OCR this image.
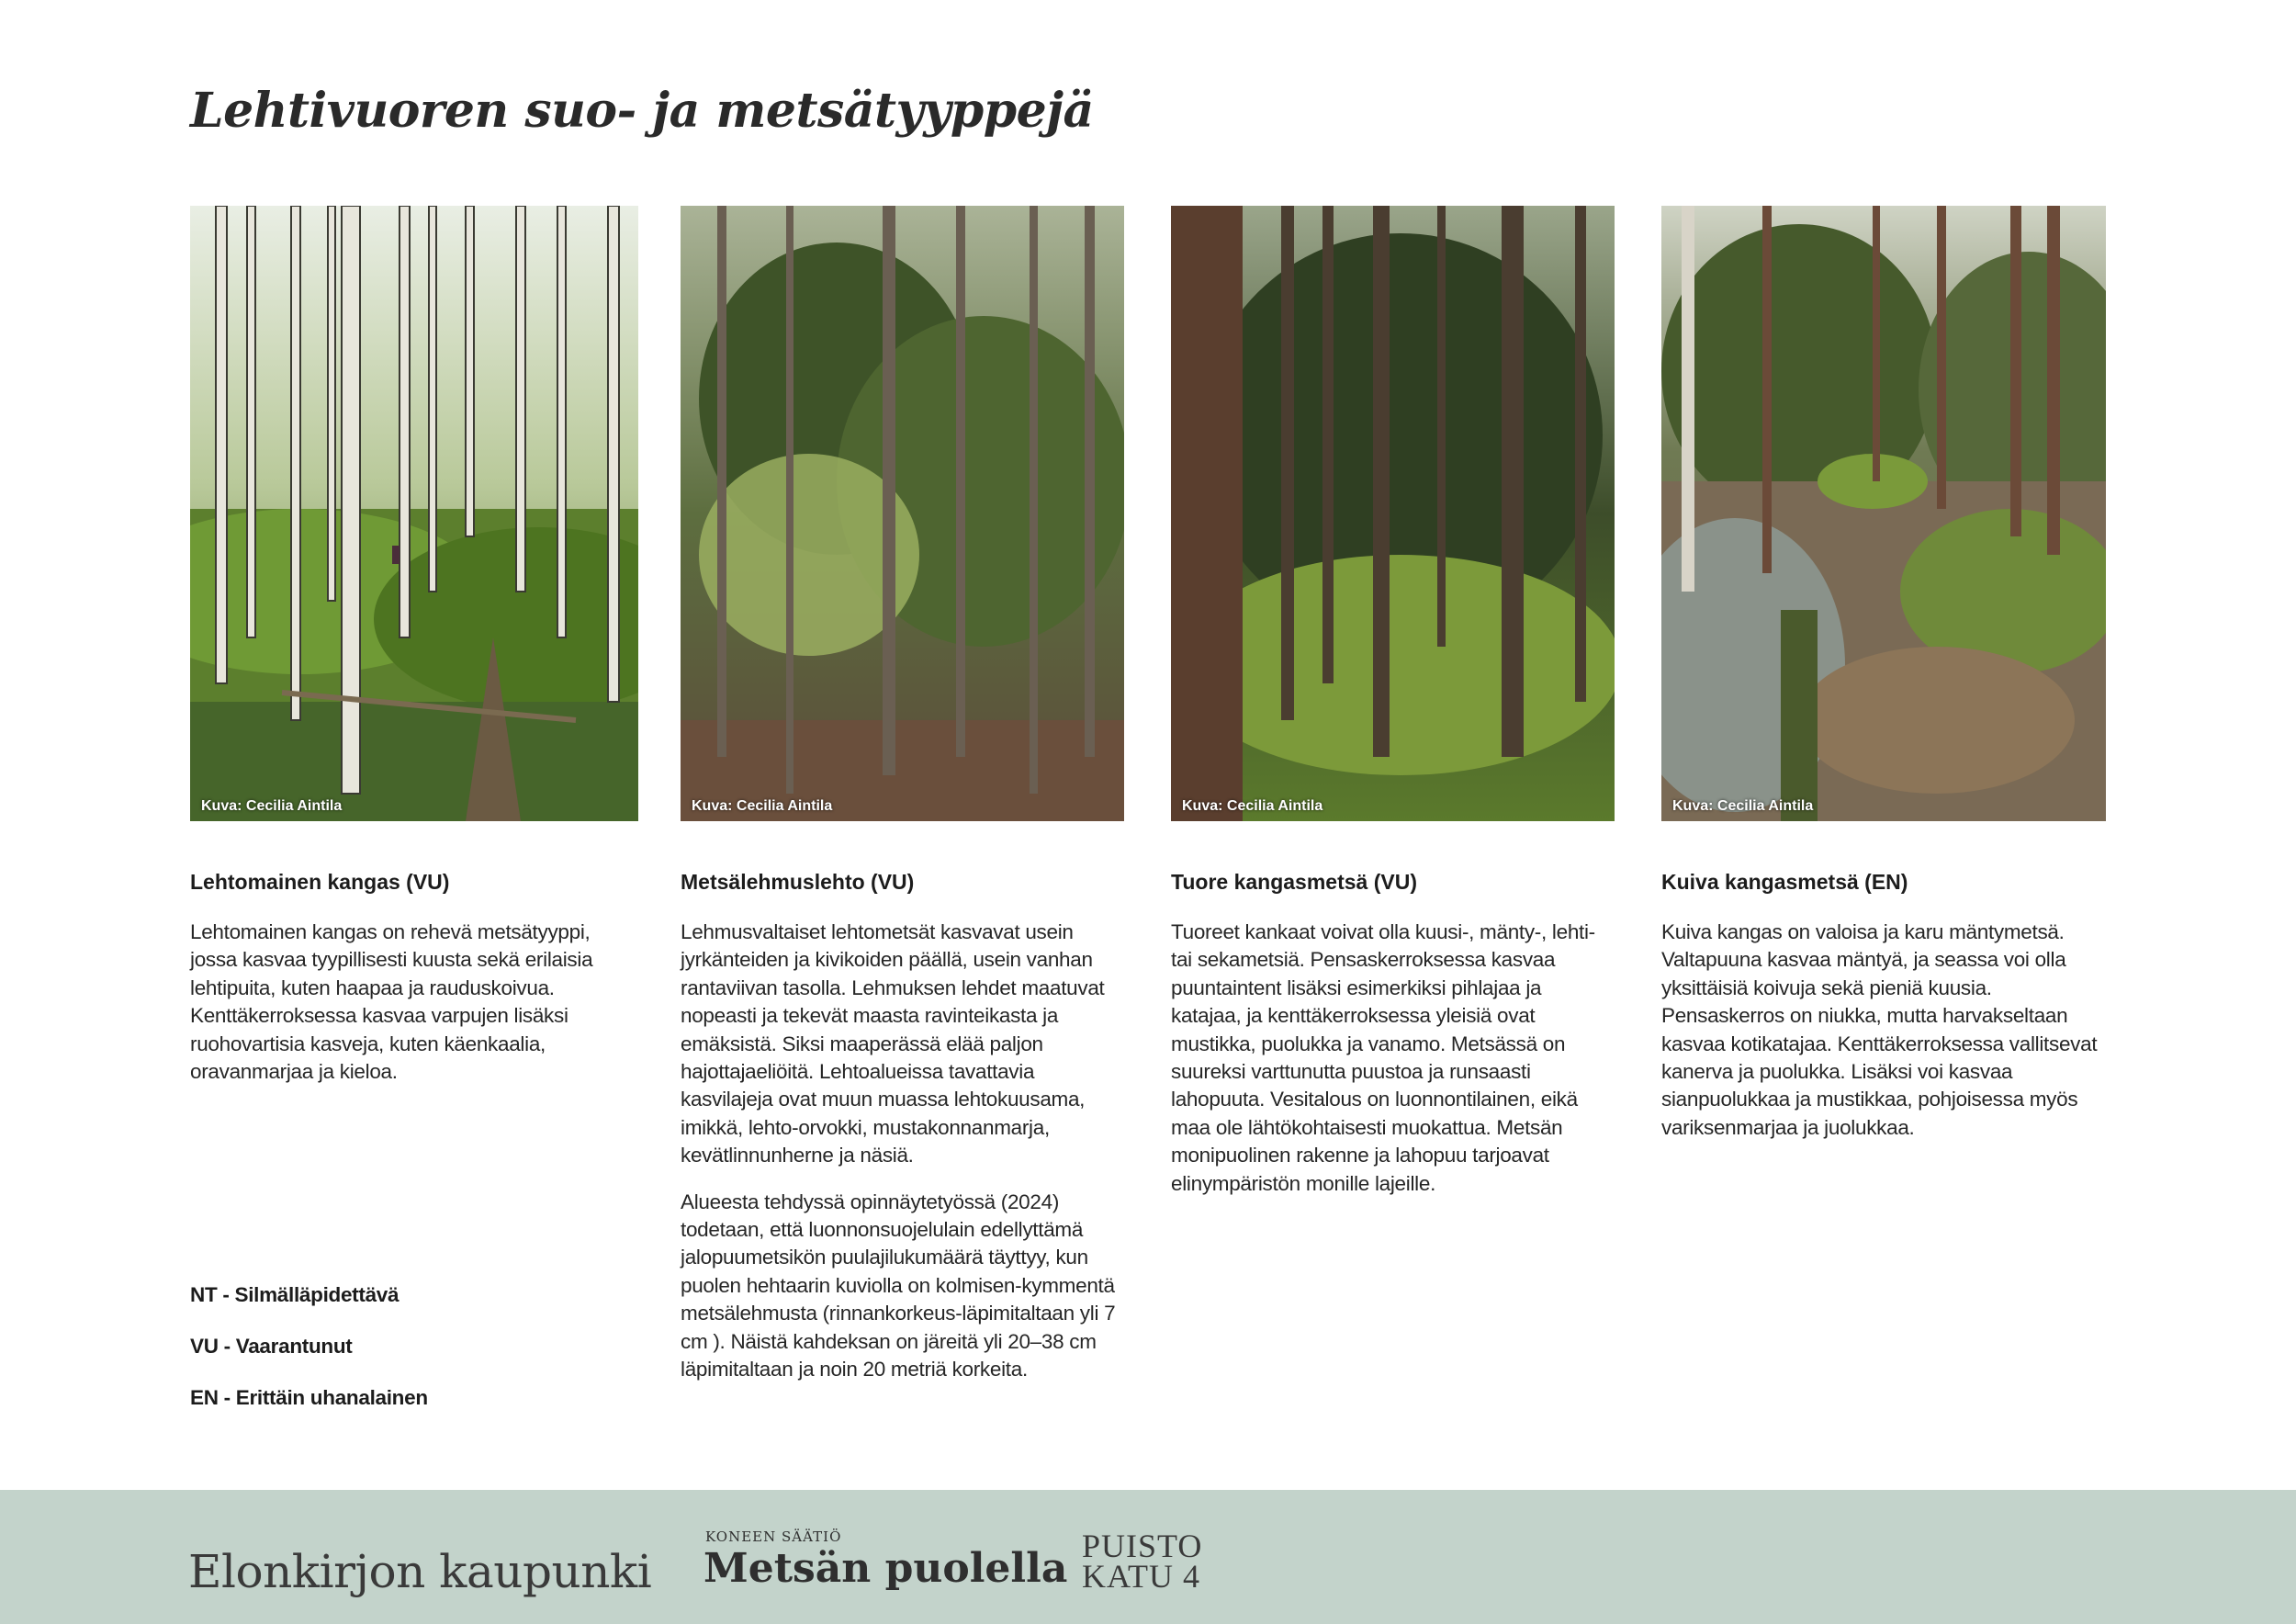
Lehtivuoren suo- ja metsätyyppejä
Kuva: Cecilia Aintila
Lehtomainen kangas (VU)

Lehtomainen kangas on rehevä metsätyyppi, jossa kasvaa tyypillisesti kuusta sekä erilaisia lehtipuita, kuten haapaa ja rauduskoivua. Kenttäkerroksessa kasvaa varpujen lisäksi ruohovartisia kasveja, kuten käenkaalia, oravanmarjaa ja kieloa.

Kuva: Cecilia Aintila
Metsälehmuslehto (VU)

Lehmusvaltaiset lehtometsät kasvavat usein jyrkänteiden ja kivikoiden päällä, usein vanhan rantaviivan tasolla. Lehmuksen lehdet maatuvat nopeasti ja tekevät maasta ravinteikasta ja emäksistä. Siksi maaperässä elää paljon hajottajaeliöitä. Lehtoalueissa tavattavia kasvilajeja ovat muun muassa lehtokuusama, imikkä, lehto-orvokki, mustakonnanmarja, kevätlinnunherne ja näsiä.

Alueesta tehdyssä opinnäytetyössä (2024) todetaan, että luonnonsuojelulain edellyttämä jalopuumetsikön puulajilukumäärä täyttyy, kun puolen hehtaarin kuviolla on kolmisen-kymmentä metsälehmusta (rinnankorkeus-läpimitaltaan yli 7 cm ). Näistä kahdeksan on järeitä yli 20–38 cm läpimitaltaan ja noin 20 metriä korkeita.

Kuva: Cecilia Aintila
Tuore kangasmetsä (VU)

Tuoreet kankaat voivat olla kuusi-, mänty-, lehti- tai sekametsiä. Pensaskerroksessa kasvaa puuntaintent lisäksi esimerkiksi pihlajaa ja katajaa, ja kenttäkerroksessa yleisiä ovat mustikka, puolukka ja vanamo. Metsässä on suureksi varttunutta puustoa ja runsaasti lahopuuta. Vesitalous on luonnontilainen, eikä maa ole lähtökohtaisesti muokattua. Metsän monipuolinen rakenne ja lahopuu tarjoavat elinympäristön monille lajeille.

Kuva: Cecilia Aintila
Kuiva kangasmetsä (EN)

Kuiva kangas on valoisa ja karu mäntymetsä. Valtapuuna kasvaa mäntyä, ja seassa voi olla yksittäisiä koivuja sekä pieniä kuusia. Pensaskerros on niukka, mutta harvakseltaan kasvaa kotikatajaa. Kenttäkerroksessa vallitsevat kanerva ja puolukka. Lisäksi voi kasvaa sianpuolukkaa ja mustikkaa, pohjoisessa myös variksenmarjaa ja juolukkaa.

NT - Silmälläpidettävä
VU - Vaarantunut
EN - Erittäin uhanalainen
Elonkirjon kaupunki
KONEEN SÄÄTIÖ
Metsän puolella PUISTO
KATU 4
